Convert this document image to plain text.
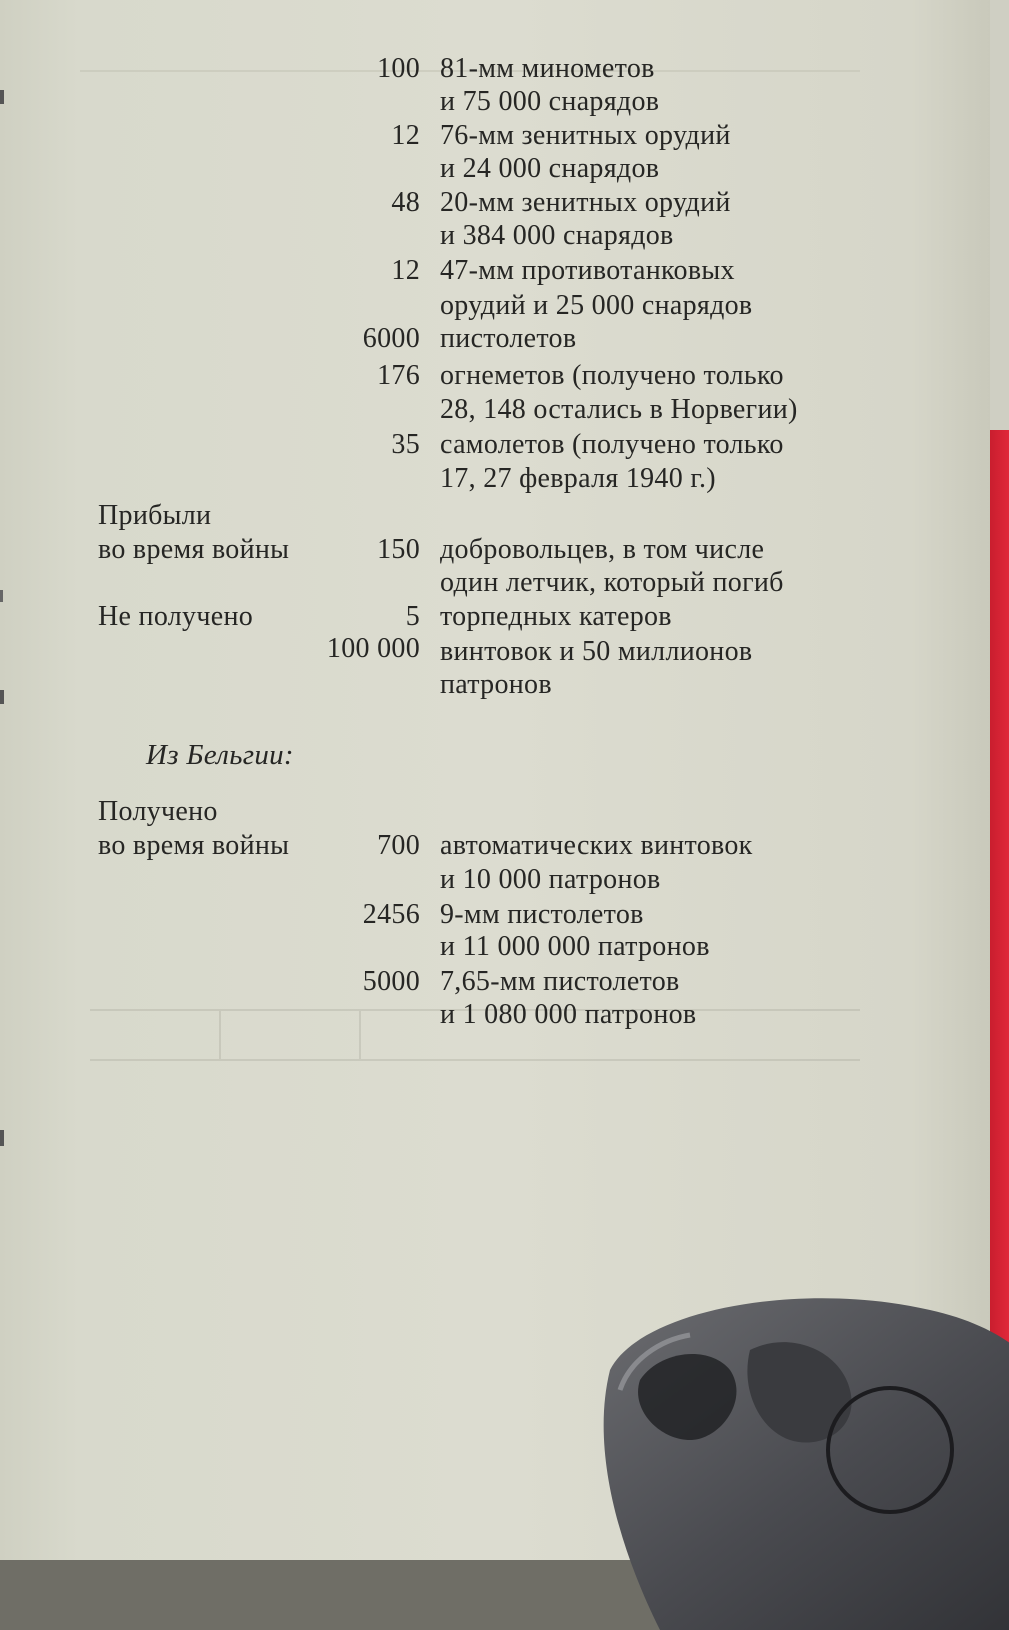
100 81-мм минометов
и 75 000 снарядов
12 76-мм зенитных орудий
и 24 000 снарядов
48 20-мм зенитных орудий
и 384 000 снарядов
12 47-мм противотанковых
орудий и 25 000 снарядов
6000 пистолетов
176 огнеметов (получено только
28, 148 остались в Норвегии)
35 самолетов (получено только
17, 27 февраля 1940 г.)
Прибыли
во время войны	150 добровольцев, в том числе
один летчик, который погиб
Не получено	5 торпедных катеров
100 000 винтовок и 50 миллионов
патронов
Из Бельгии:
Получено
во время войны	700 автоматических винтовок
и 10 000 патронов
2456 9-мм пистолетов
и 11 000 000 патронов
5000 7,65-мм пистолетов
и 1 080 000 патронов
